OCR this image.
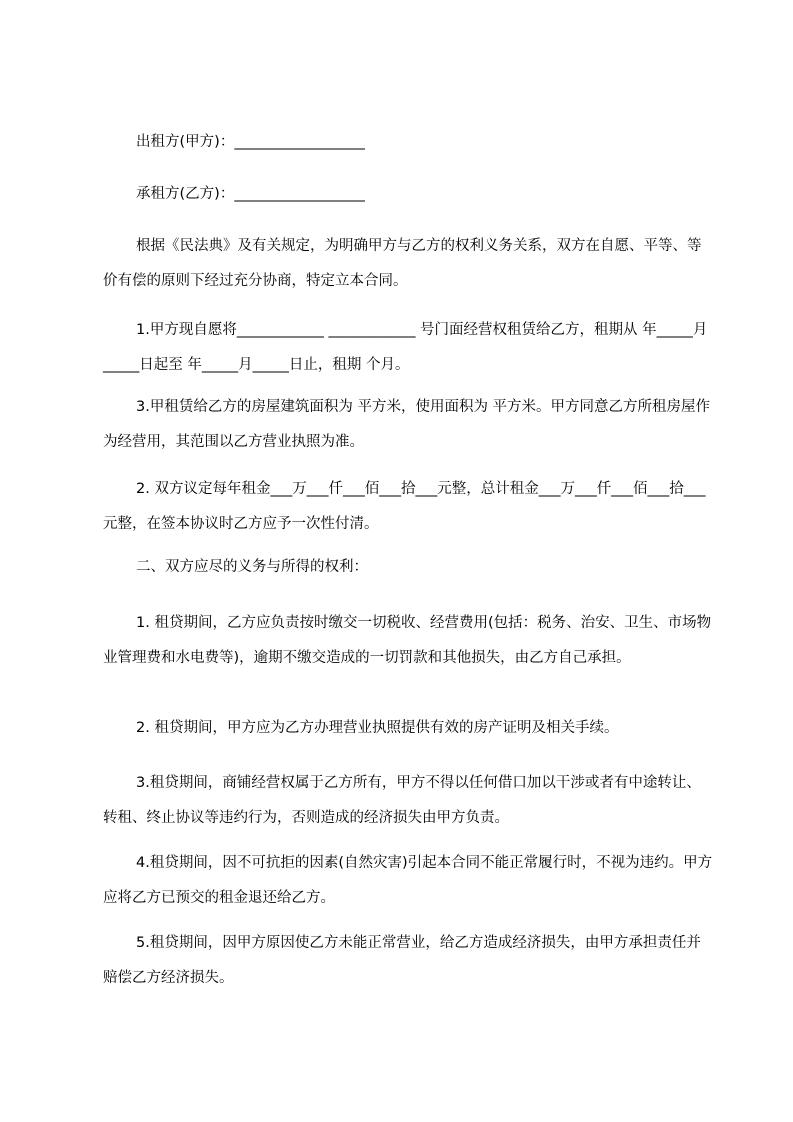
出租方(甲方)：__________________

承租方(乙方)：__________________

根据《民法典》及有关规定，为明确甲方与乙方的权利义务关系，双方在自愿、平等、等价有偿的原则下经过充分协商，特定立本合同。

1.甲方现自愿将____________ ____________ 号门面经营权租赁给乙方，租期从 年_____月_____日起至 年_____月_____日止，租期 个月。

3.甲租赁给乙方的房屋建筑面积为 平方米，使用面积为 平方米。甲方同意乙方所租房屋作为经营用，其范围以乙方营业执照为准。

2. 双方议定每年租金___万___仟___佰___拾___元整，总计租金___万___仟___佰___拾___元整，在签本协议时乙方应予一次性付清。

二、双方应尽的义务与所得的权利：

1. 租贷期间，乙方应负责按时缴交一切税收、经营费用(包括：税务、治安、卫生、市场物业管理费和水电费等)，逾期不缴交造成的一切罚款和其他损失，由乙方自己承担。

2. 租贷期间，甲方应为乙方办理营业执照提供有效的房产证明及相关手续。

3.租贷期间，商铺经营权属于乙方所有，甲方不得以任何借口加以干涉或者有中途转让、转租、终止协议等违约行为，否则造成的经济损失由甲方负责。

4.租贷期间，因不可抗拒的因素(自然灾害)引起本合同不能正常履行时，不视为违约。甲方应将乙方已预交的租金退还给乙方。

5.租贷期间，因甲方原因使乙方未能正常营业，给乙方造成经济损失，由甲方承担责任并赔偿乙方经济损失。
